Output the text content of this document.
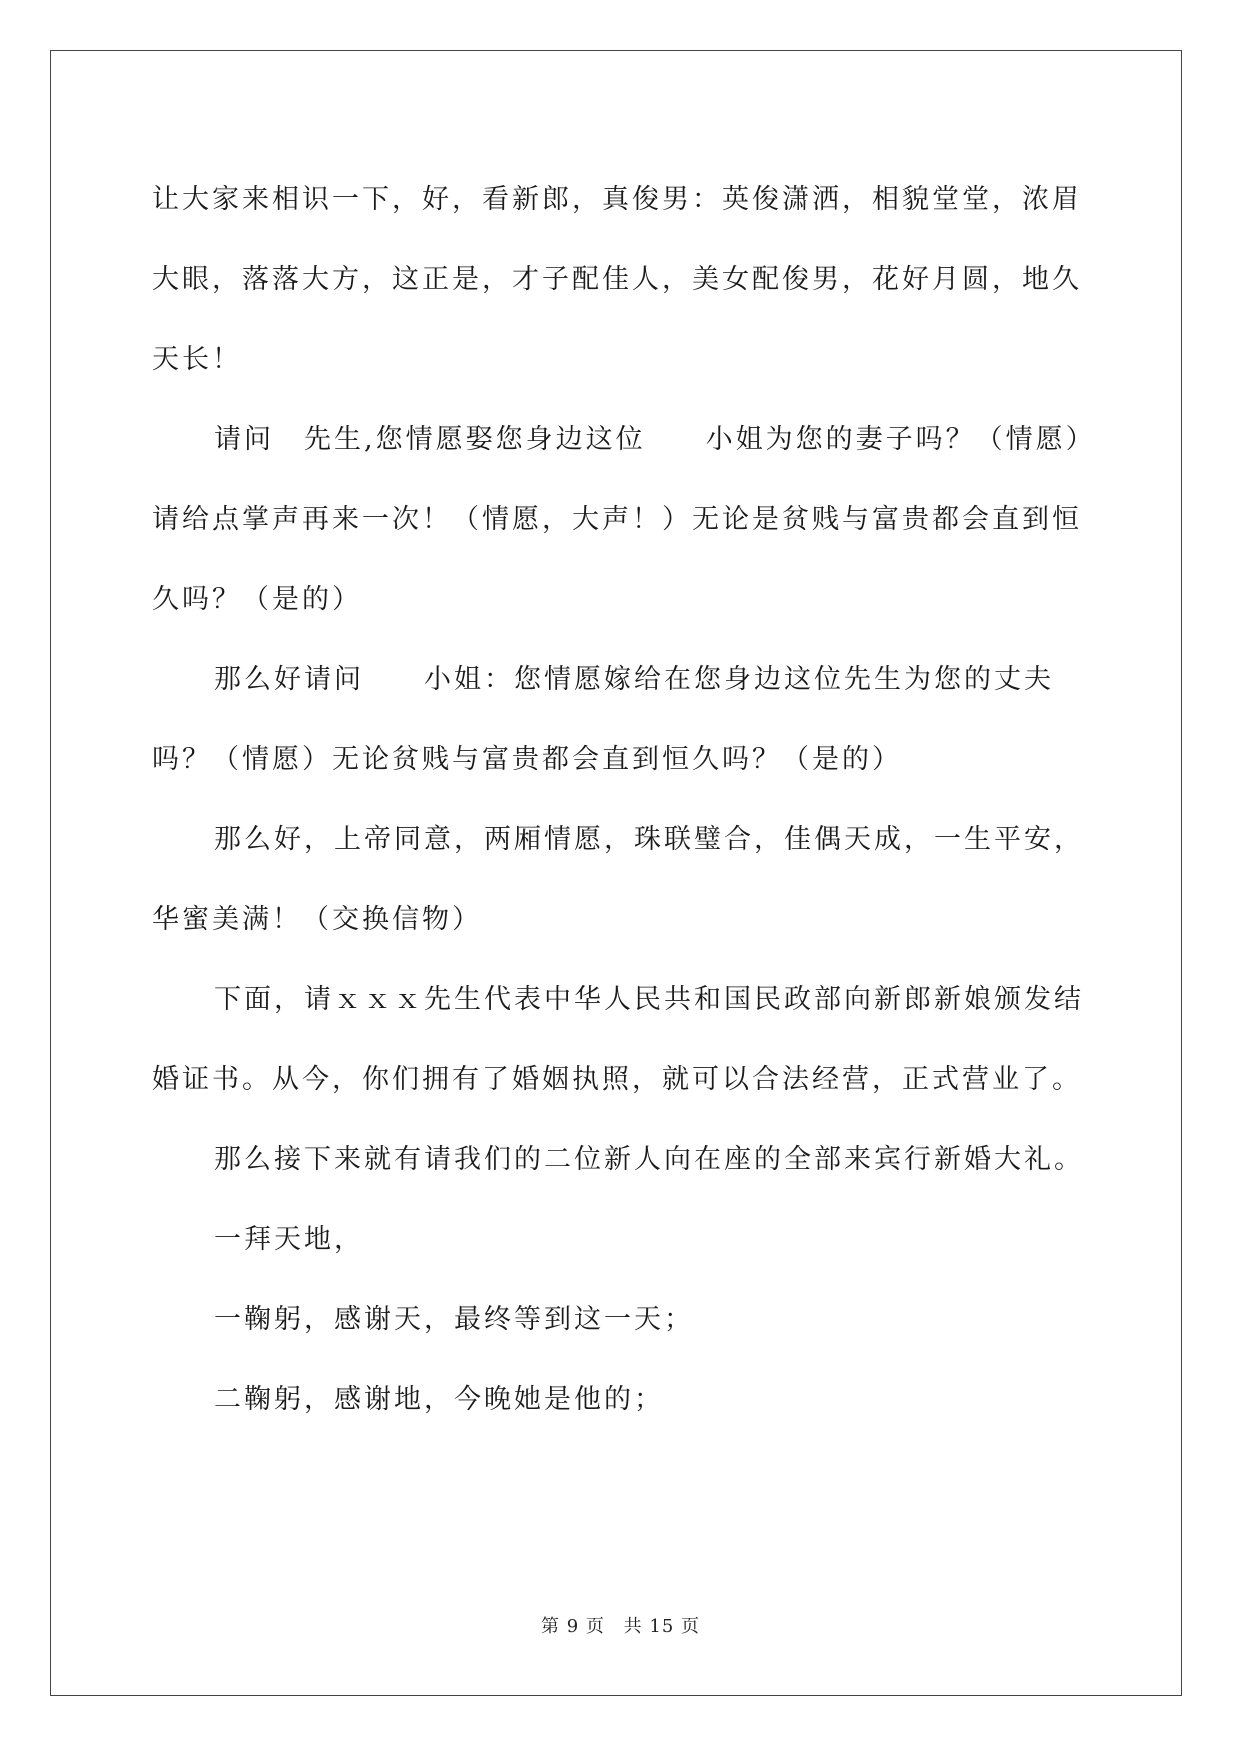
让大家来相识一下，好，看新郎，真俊男：英俊潇洒，相貌堂堂，浓眉大眼，落落大方，这正是，才子配佳人，美女配俊男，花好月圆，地久天长！

请问　先生,您情愿娶您身边这位　　小姐为您的妻子吗？（情愿）请给点掌声再来一次！（情愿，大声！）无论是贫贱与富贵都会直到恒久吗？（是的）

那么好请问　　小姐：您情愿嫁给在您身边这位先生为您的丈夫吗？（情愿）无论贫贱与富贵都会直到恒久吗？（是的）

那么好，上帝同意，两厢情愿，珠联璧合，佳偶天成，一生平安，华蜜美满！（交换信物）

下面，请ｘｘｘ先生代表中华人民共和国民政部向新郎新娘颁发结婚证书。从今，你们拥有了婚姻执照，就可以合法经营，正式营业了。

那么接下来就有请我们的二位新人向在座的全部来宾行新婚大礼。

一拜天地，

一鞠躬，感谢天，最终等到这一天；

二鞠躬，感谢地，今晚她是他的；

第 9 页 共 15 页
